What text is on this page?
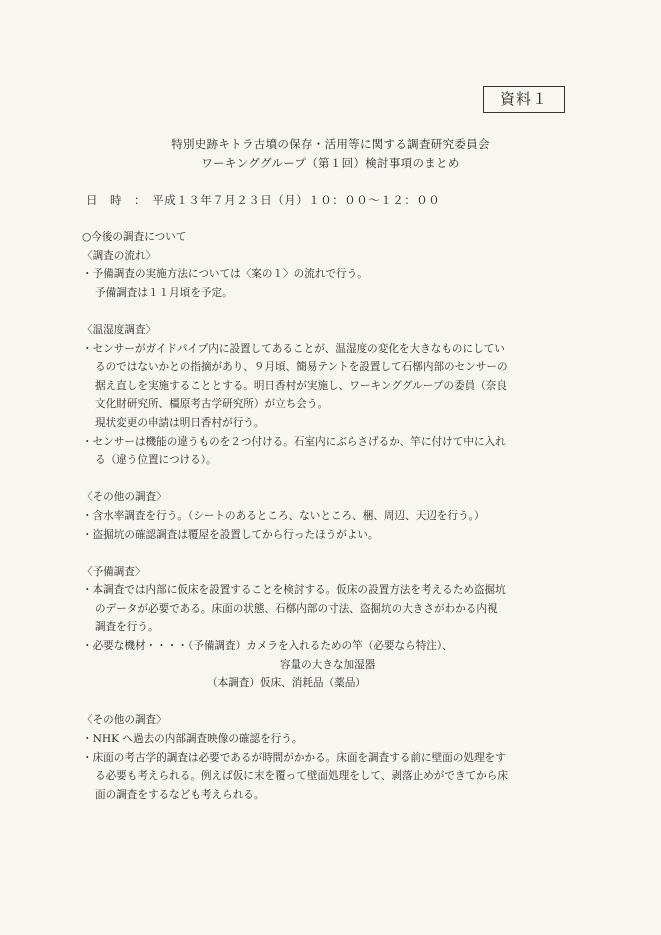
資料１
特別史跡キトラ古墳の保存・活用等に関する調査研究委員会
ワーキンググループ（第１回）検討事項のまとめ
日　時　：　平成１３年７月２３日（月）１０：００〜１２：００
○今後の調査について
〈調査の流れ〉
・予備調査の実施方法については〈案の１〉の流れで行う。
予備調査は１１月頃を予定。
〈温湿度調査〉
・センサーがガイドパイプ内に設置してあることが、温湿度の変化を大きなものにしてい
るのではないかとの指摘があり、９月頃、簡易テントを設置して石槨内部のセンサーの
据え直しを実施することとする。明日香村が実施し、ワーキンググループの委員（奈良
文化財研究所、橿原考古学研究所）が立ち会う。
現状変更の申請は明日香村が行う。
・センサーは機能の違うものを２つ付ける。石室内にぶらさげるか、竿に付けて中に入れ
る（違う位置につける）。
〈その他の調査〉
・含水率調査を行う。（シートのあるところ、ないところ、梱、周辺、天辺を行う。）
・盗掘坑の確認調査は覆屋を設置してから行ったほうがよい。
〈予備調査〉
・本調査では内部に仮床を設置することを検討する。仮床の設置方法を考えるため盗掘坑
のデータが必要である。床面の状態、石槨内部の寸法、盗掘坑の大きさがわかる内視
調査を行う。
・必要な機材・・・・（予備調査）カメラを入れるための竿（必要なら特注）、
容量の大きな加湿器
（本調査）仮床、消耗品（薬品）
〈その他の調査〉
・NHK へ過去の内部調査映像の確認を行う。
・床面の考古学的調査は必要であるが時間がかかる。床面を調査する前に壁面の処理をす
る必要も考えられる。例えば仮に末を覆って壁面処理をして、剥落止めができてから床
面の調査をするなども考えられる。
